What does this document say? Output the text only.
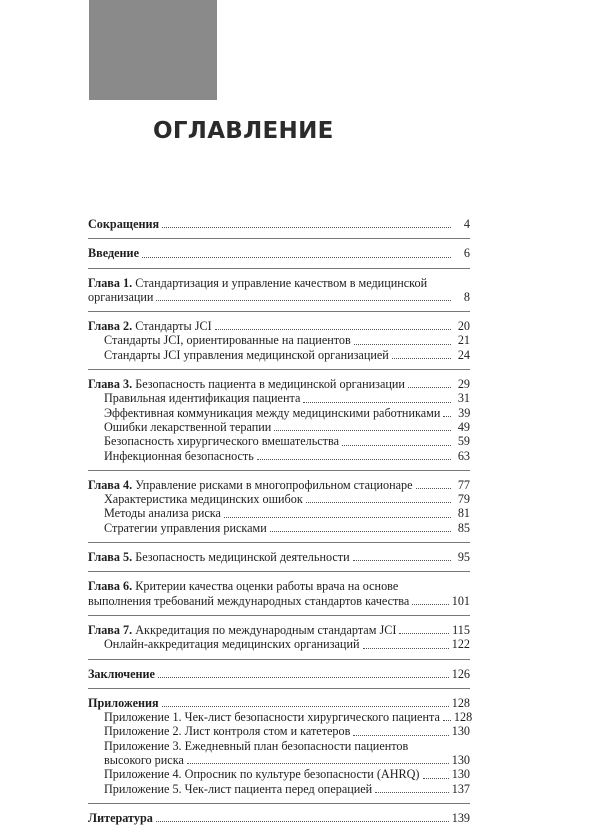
ОГЛАВЛЕНИЕ
Сокращения	4
Введение	6
Глава 1. Стандартизация и управление качеством в медицинской
организации	8
Глава 2. Стандарты JCI	20
Стандарты JCI, ориентированные на пациентов	21
Стандарты JCI управления медицинской организацией	24
Глава 3. Безопасность пациента в медицинской организации	29
Правильная идентификация пациента	31
Эффективная коммуникация между медицинскими работниками	39
Ошибки лекарственной терапии	49
Безопасность хирургического вмешательства	59
Инфекционная безопасность	63
Глава 4. Управление рисками в многопрофильном стационаре	77
Характеристика медицинских ошибок	79
Методы анализа риска	81
Стратегии управления рисками	85
Глава 5. Безопасность медицинской деятельности	95
Глава 6. Критерии качества оценки работы врача на основе
выполнения требований международных стандартов качества	101
Глава 7. Аккредитация по международным стандартам JCI	115
Онлайн-аккредитация медицинских организаций	122
Заключение	126
Приложения	128
Приложение 1. Чек-лист безопасности хирургического пациента 128
Приложение 2. Лист контроля стом и катетеров	130
Приложение 3. Ежедневный план безопасности пациентов
высокого риска	130
Приложение 4. Опросник по культуре безопасности (AHRQ)	130
Приложение 5. Чек-лист пациента перед операцией	137
Литература	139
